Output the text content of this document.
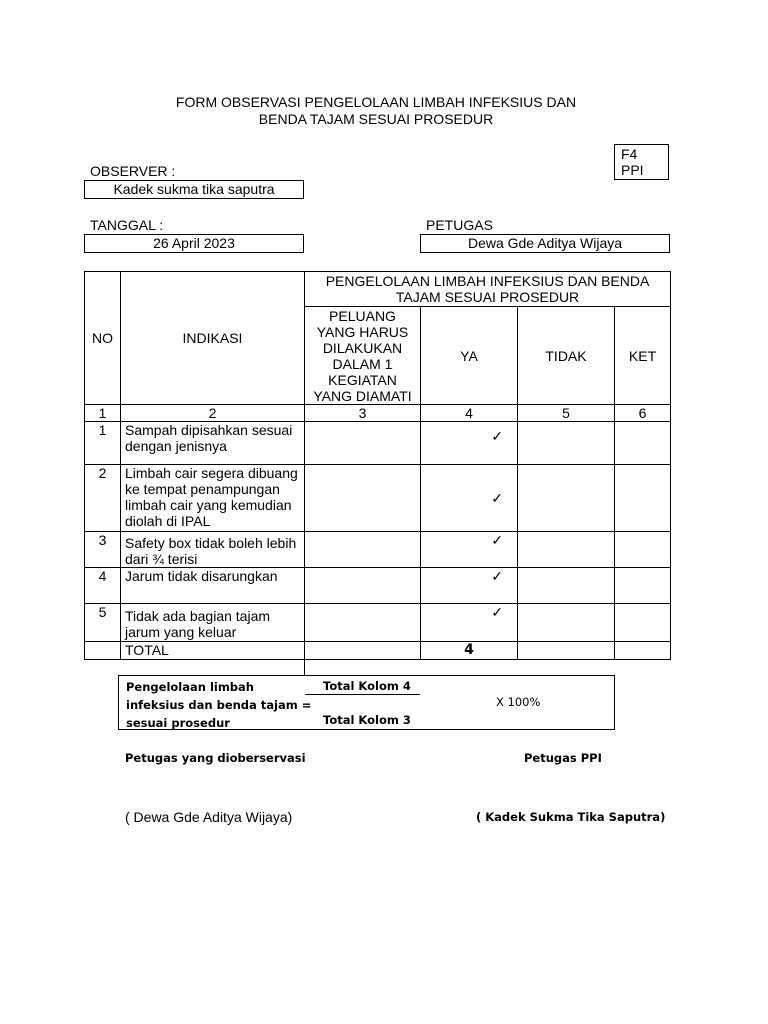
FORM OBSERVASI PENGELOLAAN LIMBAH INFEKSIUS DAN
BENDA TAJAM SESUAI PROSEDUR
F4
PPI
OBSERVER :
Kadek sukma tika saputra
TANGGAL :
26 April 2023
PETUGAS
Dewa Gde Aditya Wijaya
NO	INDIKASI	PENGELOLAAN LIMBAH INFEKSIUS DAN BENDA TAJAM SESUAI PROSEDUR			
		PELUANG YANG HARUS DILAKUKAN DALAM 1 KEGIATAN YANG DIAMATI	YA	TIDAK	KET
1	2	3	4	5	6
1	Sampah dipisahkan sesuai dengan jenisnya		✓		
2	Limbah cair segera dibuang ke tempat penampungan limbah cair yang kemudian diolah di IPAL		✓		
3	Safety box tidak boleh lebih dari ¾ terisi		✓		
4	Jarum tidak disarungkan		✓		
5	Tidak ada bagian tajam jarum yang keluar		✓		
	TOTAL		4		
Pengelolaan limbah
infeksius dan benda tajam =
sesuai prosedur
Total Kolom 4
Total Kolom 3
X 100%
Petugas yang dioberservasi	Petugas PPI
( Dewa Gde Aditya Wijaya)	( Kadek Sukma Tika Saputra)
